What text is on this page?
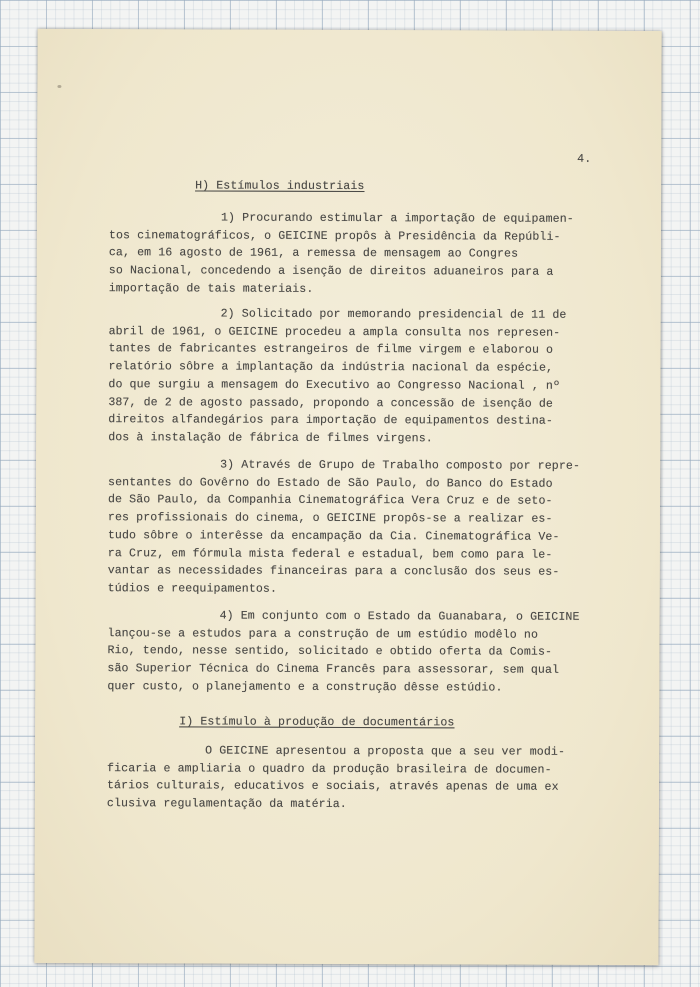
4.
H) Estímulos industriais
1) Procurando estimular a importação de equipamen-
tos cinematográficos, o GEICINE propôs à Presidência da Repúbli-
ca, em 16 agosto de 1961, a remessa de mensagem ao Congres
so Nacional, concedendo a isenção de direitos aduaneiros para a
importação de tais materiais.
2) Solicitado por memorando presidencial de 11 de
abril de 1961, o GEICINE procedeu a ampla consulta nos represen-
tantes de fabricantes estrangeiros de filme virgem e elaborou o
relatório sôbre a implantação da indústria nacional da espécie,
do que surgiu a mensagem do Executivo ao Congresso Nacional , nº
387, de 2 de agosto passado, propondo a concessão de isenção de
direitos alfandegários para importação de equipamentos destina-
dos à instalação de fábrica de filmes virgens.
3) Através de Grupo de Trabalho composto por repre-
sentantes do Govêrno do Estado de São Paulo, do Banco do Estado
de São Paulo, da Companhia Cinematográfica Vera Cruz e de seto-
res profissionais do cinema, o GEICINE propôs-se a realizar es-
tudo sôbre o interêsse da encampação da Cia. Cinematográfica Ve-
ra Cruz, em fórmula mista federal e estadual, bem como para le-
vantar as necessidades financeiras para a conclusão dos seus es-
túdios e reequipamentos.
4) Em conjunto com o Estado da Guanabara, o GEICINE
lançou-se a estudos para a construção de um estúdio modêlo no
Rio, tendo, nesse sentido, solicitado e obtido oferta da Comis-
são Superior Técnica do Cinema Francês para assessorar, sem qual
quer custo, o planejamento e a construção dêsse estúdio.
I) Estímulo à produção de documentários
O GEICINE apresentou a proposta que a seu ver modi-
ficaria e ampliaria o quadro da produção brasileira de documen-
tários culturais, educativos e sociais, através apenas de uma ex
clusiva regulamentação da matéria.
